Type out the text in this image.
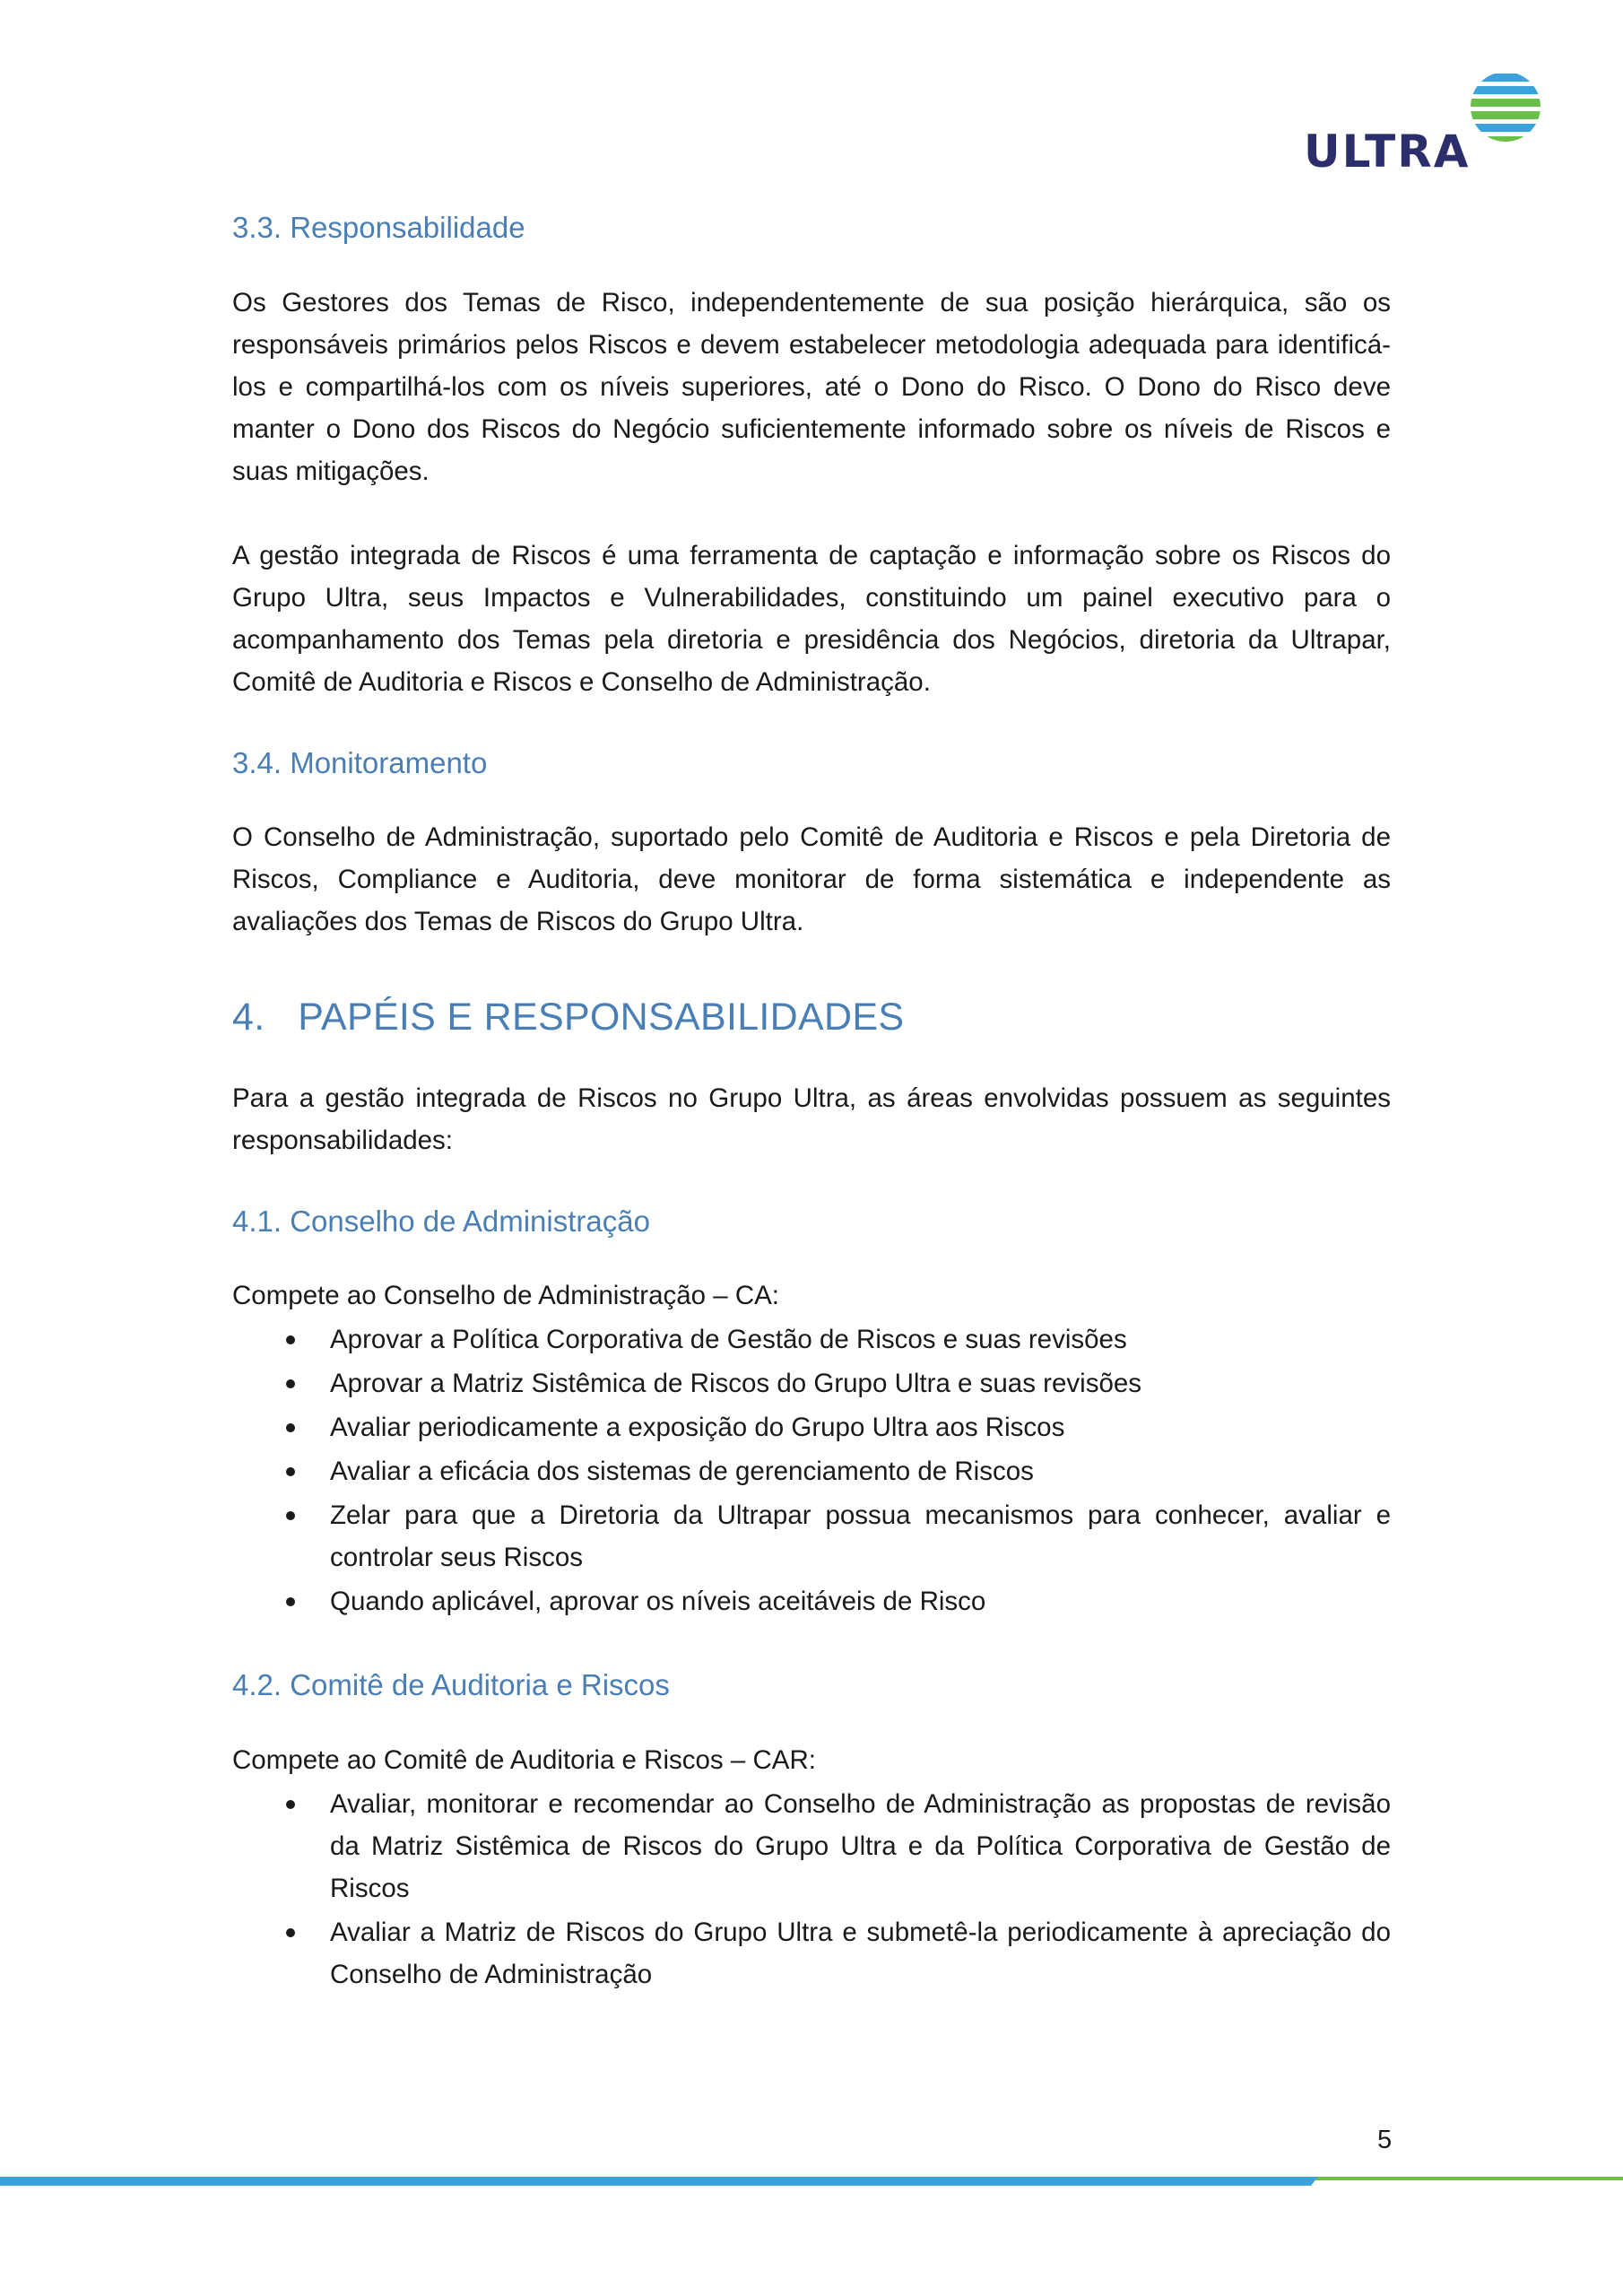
ULTRA
3.3. Responsabilidade

Os Gestores dos Temas de Risco, independentemente de sua posição hierárquica, são os responsáveis primários pelos Riscos e devem estabelecer metodologia adequada para identificá-los e compartilhá-los com os níveis superiores, até o Dono do Risco. O Dono do Risco deve manter o Dono dos Riscos do Negócio suficientemente informado sobre os níveis de Riscos e suas mitigações.

A gestão integrada de Riscos é uma ferramenta de captação e informação sobre os Riscos do Grupo Ultra, seus Impactos e Vulnerabilidades, constituindo um painel executivo para o acompanhamento dos Temas pela diretoria e presidência dos Negócios, diretoria da Ultrapar, Comitê de Auditoria e Riscos e Conselho de Administração.

3.4. Monitoramento

O Conselho de Administração, suportado pelo Comitê de Auditoria e Riscos e pela Diretoria de Riscos, Compliance e Auditoria, deve monitorar de forma sistemática e independente as avaliações dos Temas de Riscos do Grupo Ultra.

4.   PAPÉIS E RESPONSABILIDADES

Para a gestão integrada de Riscos no Grupo Ultra, as áreas envolvidas possuem as seguintes responsabilidades:

4.1. Conselho de Administração

Compete ao Conselho de Administração – CA:

Aprovar a Política Corporativa de Gestão de Riscos e suas revisões
Aprovar a Matriz Sistêmica de Riscos do Grupo Ultra e suas revisões
Avaliar periodicamente a exposição do Grupo Ultra aos Riscos
Avaliar a eficácia dos sistemas de gerenciamento de Riscos
Zelar para que a Diretoria da Ultrapar possua mecanismos para conhecer, avaliar e controlar seus Riscos
Quando aplicável, aprovar os níveis aceitáveis de Risco
4.2. Comitê de Auditoria e Riscos

Compete ao Comitê de Auditoria e Riscos – CAR:

Avaliar, monitorar e recomendar ao Conselho de Administração as propostas de revisão da Matriz Sistêmica de Riscos do Grupo Ultra e da Política Corporativa de Gestão de Riscos
Avaliar a Matriz de Riscos do Grupo Ultra e submetê-la periodicamente à apreciação do Conselho de Administração
5
